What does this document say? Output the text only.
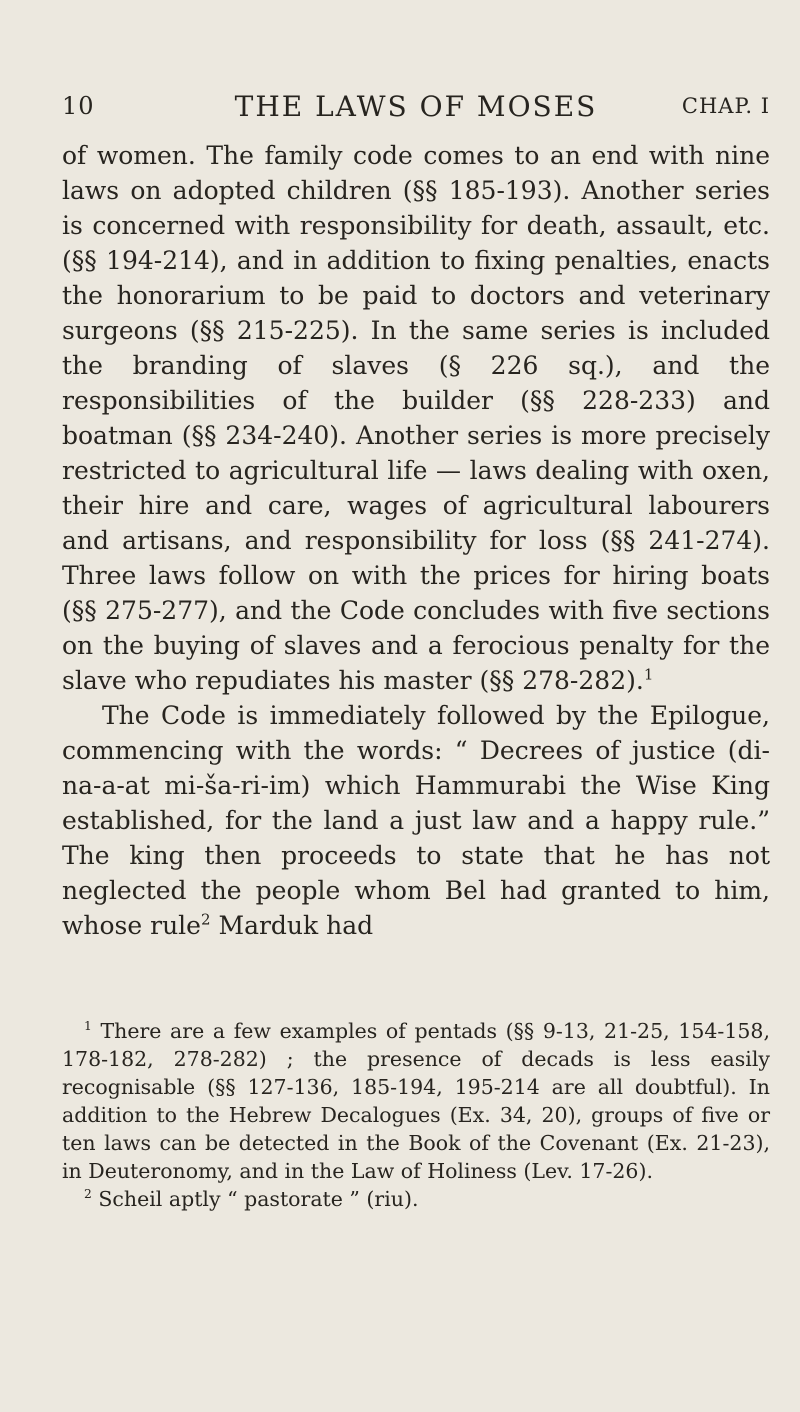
10	THE LAWS OF MOSES	CHAP. I

of women. The family code comes to an end with nine laws on adopted children (§§ 185-193). Another series is concerned with responsibility for death, assault, etc. (§§ 194-214), and in addition to fixing penalties, enacts the honorarium to be paid to doctors and veterinary surgeons (§§ 215-225). In the same series is included the branding of slaves (§ 226 sq.), and the responsibilities of the builder (§§ 228-233) and boatman (§§ 234-240). Another series is more precisely restricted to agricultural life — laws dealing with oxen, their hire and care, wages of agricultural labourers and artisans, and responsibility for loss (§§ 241-274). Three laws follow on with the prices for hiring boats (§§ 275-277), and the Code concludes with five sections on the buying of slaves and a ferocious penalty for the slave who repudiates his master (§§ 278-282).$^1$

The Code is immediately followed by the Epilogue, commencing with the words: “ Decrees of justice (di-na-a-at mi-ša-ri-im) which Hammurabi the Wise King established, for the land a just law and a happy rule.” The king then proceeds to state that he has not neglected the people whom Bel had granted to him, whose rule$^2$ Marduk had

$^1$ There are a few examples of pentads (§§ 9-13, 21-25, 154-158, 178-182, 278-282) ; the presence of decads is less easily recognisable (§§ 127-136, 185-194, 195-214 are all doubtful). In addition to the Hebrew Decalogues (Ex. 34, 20), groups of five or ten laws can be detected in the Book of the Covenant (Ex. 21-23), in Deuteronomy, and in the Law of Holiness (Lev. 17-26).

$^2$ Scheil aptly “ pastorate ” (riu).
